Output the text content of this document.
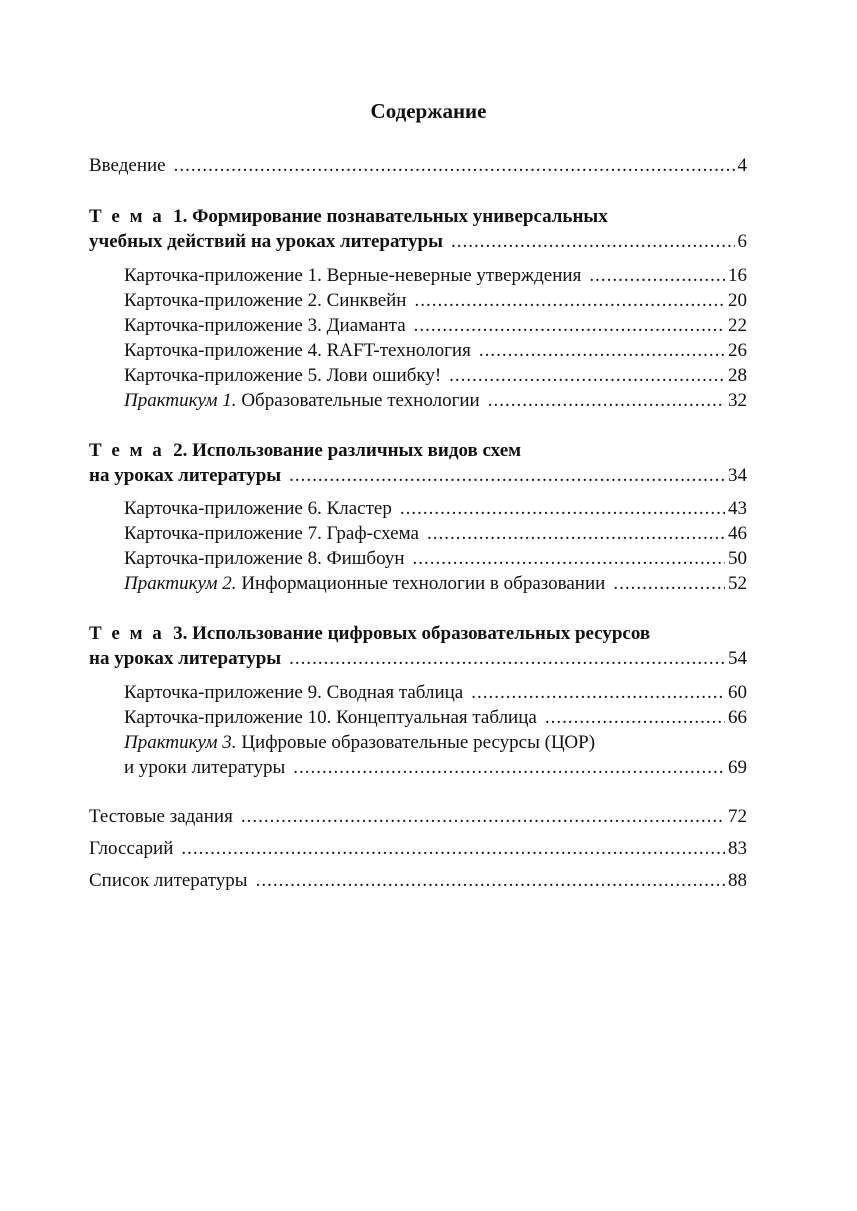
Содержание
Введение .....	4
Т е м а 1. Формирование познавательных универсальных
учебных действий на уроках литературы .....	6
Карточка-приложение 1. Верные-неверные утверждения .....	16
Карточка-приложение 2. Синквейн .....	20
Карточка-приложение 3. Диаманта .....	22
Карточка-приложение 4. RAFT-технология .....	26
Карточка-приложение 5. Лови ошибку! .....	28
Практикум 1. Образовательные технологии .....	32
Т е м а 2. Использование различных видов схем
на уроках литературы .....	34
Карточка-приложение 6. Кластер .....	43
Карточка-приложение 7. Граф-схема .....	46
Карточка-приложение 8. Фишбоун .....	50
Практикум 2. Информационные технологии в образовании .....	52
Т е м а 3. Использование цифровых образовательных ресурсов
на уроках литературы .....	54
Карточка-приложение 9. Сводная таблица .....	60
Карточка-приложение 10. Концептуальная таблица .....	66
Практикум 3. Цифровые образовательные ресурсы (ЦОР)
и уроки литературы .....	69
Тестовые задания .....	72
Глоссарий .....	83
Список литературы .....	88
